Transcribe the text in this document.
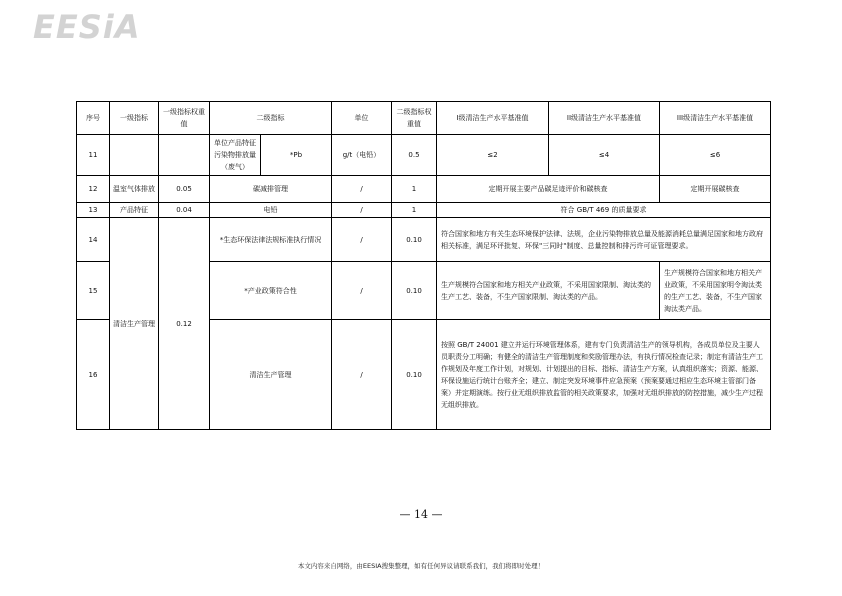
EESiA
序号	一级指标	一级指标权重值	二级指标		单位	二级指标权重值	I级清洁生产水平基准值	II级清洁生产水平基准值	III级清洁生产水平基准值
11			单位产品特征污染物排放量（废气）	*Pb	g/t（电铅）	0.5	≤2	≤4	≤6
12	温室气体排放	0.05	碳减排管理		/	1	定期开展主要产品碳足迹评价和碳核查		定期开展碳核查
13	产品特征	0.04	电铅		/	1	符合 GB/T 469 的质量要求		
14	清洁生产管理	0.12	*生态环保法律法规标准执行情况		/	0.10	符合国家和地方有关生态环境保护法律、法规，企业污染物排放总量及能源消耗总量满足国家和地方政府相关标准，满足环评批复、环保"三同时"制度、总量控制和排污许可证管理要求。		
15			*产业政策符合性		/	0.10	生产规模符合国家和地方相关产业政策，不采用国家限制、淘汰类的生产工艺、装备，不生产国家限制、淘汰类的产品。		生产规模符合国家和地方相关产业政策，不采用国家明令淘汰类的生产工艺、装备，不生产国家淘汰类产品。
16			清洁生产管理		/	0.10	按照 GB/T 24001 建立并运行环境管理体系，建有专门负责清洁生产的领导机构，各成员单位及主要人员职责分工明确；有健全的清洁生产管理制度和奖励管理办法，有执行情况检查记录；制定有清洁生产工作规划及年度工作计划，对规划、计划提出的目标、指标、清洁生产方案，认真组织落实；资源、能源、环保设施运行统计台账齐全；建立、制定突发环境事件应急预案（预案要通过相应生态环境主管部门备案）并定期演练。按行业无组织排放监管的相关政策要求，加强对无组织排放的防控措施，减少生产过程无组织排放。		
— 14 —
本文内容来自网络，由EESIA搜集整理，如有任何异议请联系我们，我们将即时处理！
